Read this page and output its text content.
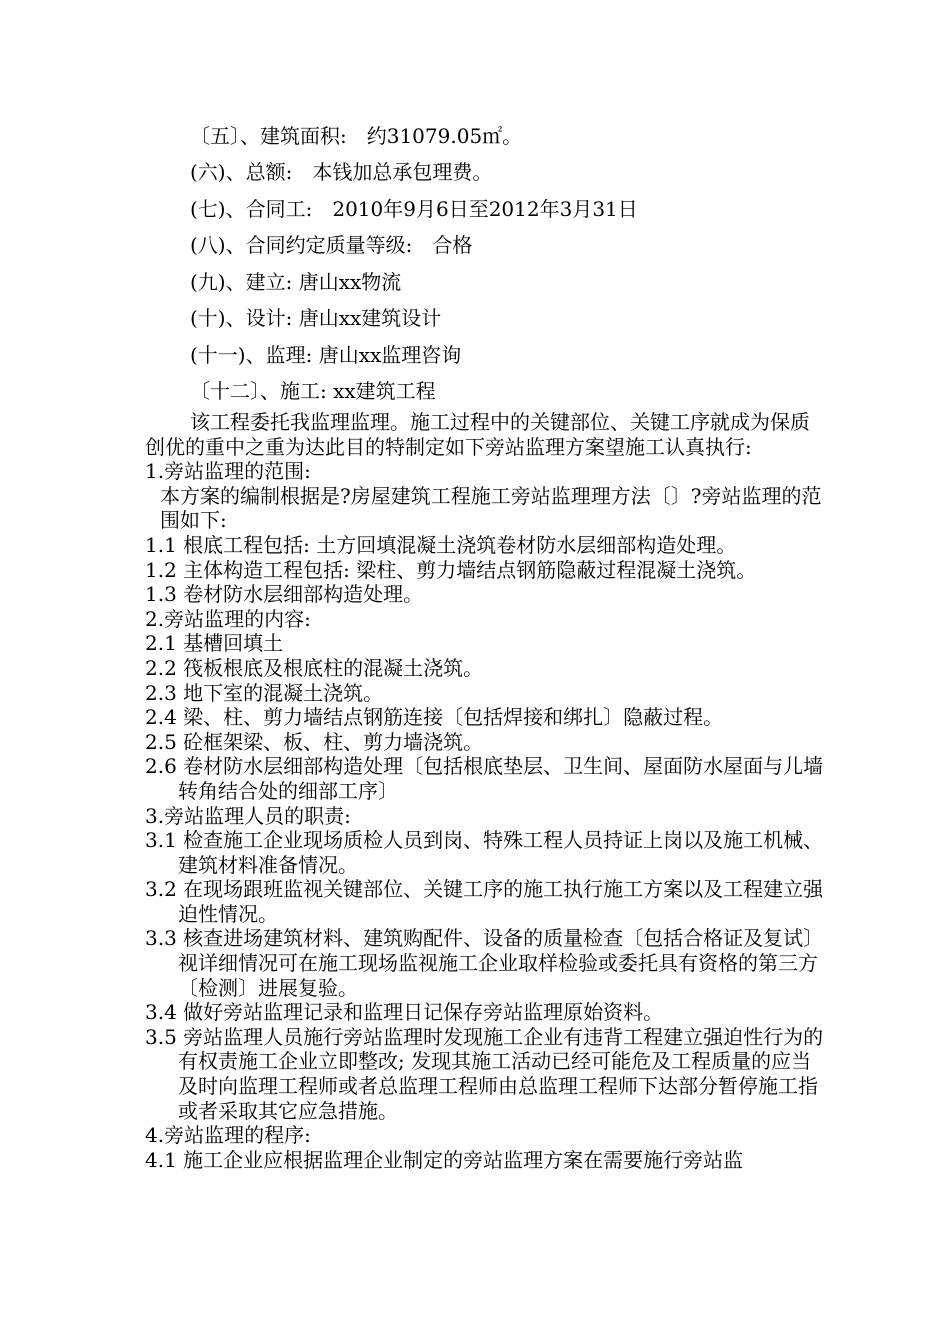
〔五〕、建筑面积:　约31079.05㎡。
(六)、总额:　本钱加总承包理费。
(七)、合同工:　2010年9月6日至2012年3月31日
(八)、合同约定质量等级:　合格
(九)、建立: 唐山xx物流
(十)、设计: 唐山xx建筑设计
(十一)、监理: 唐山xx监理咨询
〔十二〕、施工: xx建筑工程

该工程委托我监理监理。施工过程中的关键部位、关键工序就成为保质创优的重中之重为达此目的特制定如下旁站监理方案望施工认真执行:

1.旁站监理的范围:

本方案的编制根据是?房屋建筑工程施工旁站监理理方法〔〕?旁站监理的范围如下:

1.1 根底工程包括: 土方回填混凝土浇筑卷材防水层细部构造处理。

1.2 主体构造工程包括: 梁柱、剪力墙结点钢筋隐蔽过程混凝土浇筑。

1.3 卷材防水层细部构造处理。

2.旁站监理的内容:

2.1 基槽回填土

2.2 筏板根底及根底柱的混凝土浇筑。

2.3 地下室的混凝土浇筑。

2.4 梁、柱、剪力墙结点钢筋连接〔包括焊接和绑扎〕隐蔽过程。

2.5 砼框架梁、板、柱、剪力墙浇筑。

2.6 卷材防水层细部构造处理〔包括根底垫层、卫生间、屋面防水屋面与儿墙转角结合处的细部工序〕

3.旁站监理人员的职责:

3.1 检查施工企业现场质检人员到岗、特殊工程人员持证上岗以及施工机械、建筑材料准备情况。

3.2 在现场跟班监视关键部位、关键工序的施工执行施工方案以及工程建立强迫性情况。

3.3 核查进场建筑材料、建筑购配件、设备的质量检查〔包括合格证及复试〕视详细情况可在施工现场监视施工企业取样检验或委托具有资格的第三方〔检测〕进展复验。

3.4 做好旁站监理记录和监理日记保存旁站监理原始资料。

3.5 旁站监理人员施行旁站监理时发现施工企业有违背工程建立强迫性行为的有权责施工企业立即整改; 发现其施工活动已经可能危及工程质量的应当及时向监理工程师或者总监理工程师由总监理工程师下达部分暂停施工指或者采取其它应急措施。

4.旁站监理的程序:

4.1 施工企业应根据监理企业制定的旁站监理方案在需要施行旁站监
